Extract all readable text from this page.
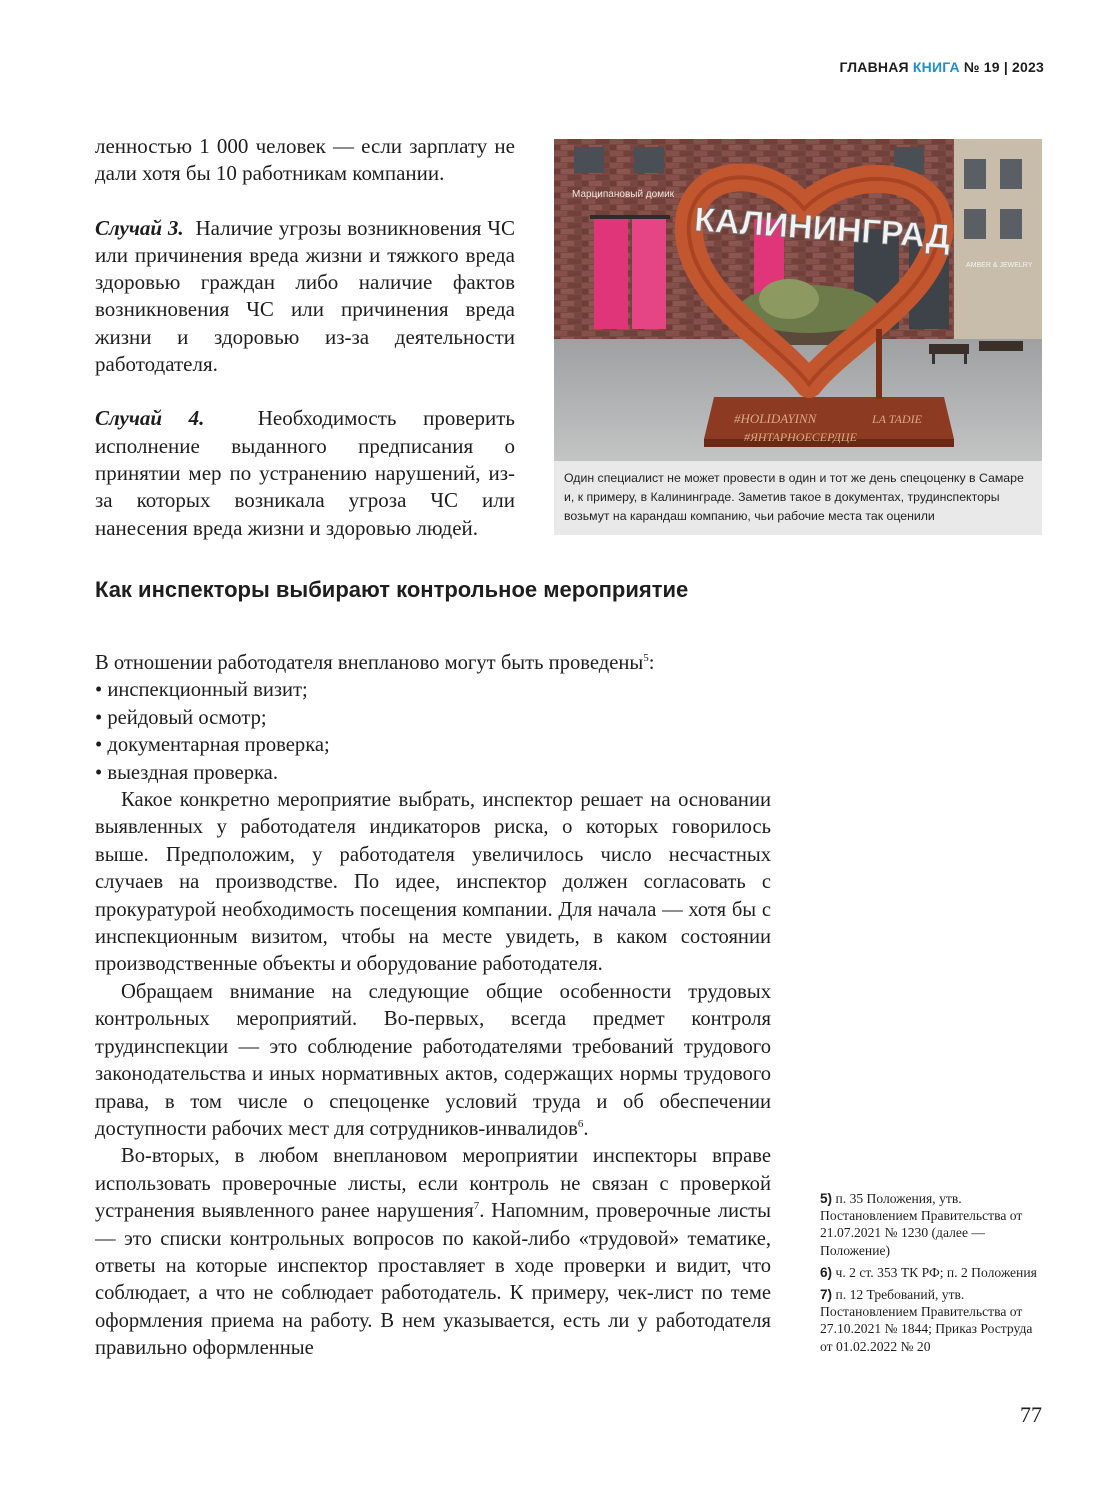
ГЛАВНАЯ КНИГА № 19 | 2023

ленностью 1 000 человек — если зарплату не дали хотя бы 10 работникам компании.

Случай 3. Наличие угрозы возникновения ЧС или причинения вреда жизни и тяжкого вреда здоровью граждан либо наличие фактов возникновения ЧС или причинения вреда жизни и здоровью из-за деятельности работодателя.

Случай 4.	Необходимость проверить исполнение выданного предписания о принятии мер по устранению нарушений, из-за которых возникала угроза ЧС или нанесения вреда жизни и здоровью людей.

Марципановый домик
AMBER & JEWELRY
#HOLIDAYINN	LA TADIE
#ЯНТАРНОЕСЕРДЦЕ
КАЛИНИНГРАД
Один специалист не может провести в один и тот же день спецоценку в Самаре и, к примеру, в Калининграде. Заметив такое в документах, трудинспекторы возьмут на карандаш компанию, чьи рабочие места так оценили
Как инспекторы выбирают контрольное мероприятие

В отношении работодателя внепланово могут быть проведены$^5$:

• инспекционный визит;
• рейдовый осмотр;
• документарная проверка;
• выездная проверка.

Какое конкретно мероприятие выбрать, инспектор решает на основании выявленных у работодателя индикаторов риска, о которых говорилось выше. Предположим, у работодателя увеличилось число несчастных случаев на производстве. По идее, инспектор должен согласовать с прокуратурой необходимость посещения компании. Для начала — хотя бы с инспекционным визитом, чтобы на месте увидеть, в каком состоянии производственные объекты и оборудование работодателя.

Обращаем внимание на следующие общие особенности трудовых контрольных мероприятий. Во-первых, всегда предмет контроля трудинспекции — это соблюдение работодателями требований трудового законодательства и иных нормативных актов, содержащих нормы трудового права, в том числе о спецоценке условий труда и об обеспечении доступности рабочих мест для сотрудников-инвалидов$^6$.

Во-вторых, в любом внеплановом мероприятии инспекторы вправе использовать проверочные листы, если контроль не связан с проверкой устранения выявленного ранее нарушения$^7$. Напомним, проверочные листы — это списки контрольных вопросов по какой-либо «трудовой» тематике, ответы на которые инспектор проставляет в ходе проверки и видит, что соблюдает, а что не соблюдает работодатель. К примеру, чек-лист по теме оформления приема на работу. В нем указывается, есть ли у работодателя правильно оформленные

5) п. 35 Положения, утв. Постановлением Правительства от 21.07.2021 № 1230 (далее — Положение)
6) ч. 2 ст. 353 ТК РФ; п. 2 Положения
7) п. 12 Требований, утв. Постановлением Правительства от 27.10.2021 № 1844; Приказ Роструда от 01.02.2022 № 20
77
